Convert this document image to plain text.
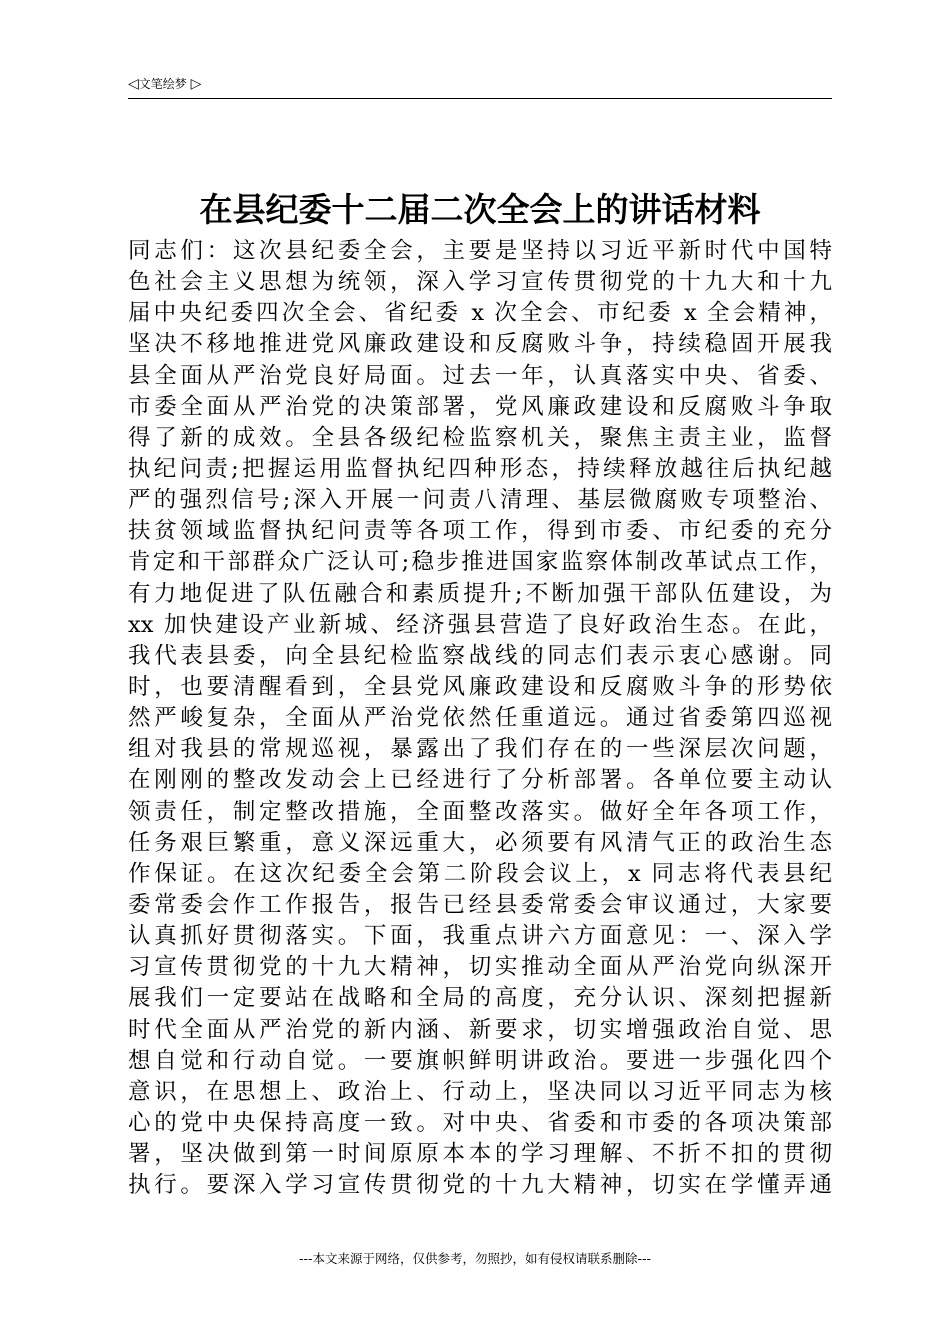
◁文笔绘梦 ▷
在县纪委十二届二次全会上的讲话材料
同志们：这次县纪委全会，主要是坚持以习近平新时代中国特
色社会主义思想为统领，深入学习宣传贯彻党的十九大和十九
届中央纪委四次全会、省纪委 x 次全会、市纪委 x 全会精神，
坚决不移地推进党风廉政建设和反腐败斗争，持续稳固开展我
县全面从严治党良好局面。过去一年，认真落实中央、省委、
市委全面从严治党的决策部署，党风廉政建设和反腐败斗争取
得了新的成效。全县各级纪检监察机关，聚焦主责主业，监督
执纪问责;把握运用监督执纪四种形态，持续释放越往后执纪越
严的强烈信号;深入开展一问责八清理、基层微腐败专项整治、
扶贫领域监督执纪问责等各项工作，得到市委、市纪委的充分
肯定和干部群众广泛认可;稳步推进国家监察体制改革试点工作，
有力地促进了队伍融合和素质提升;不断加强干部队伍建设，为
xx 加快建设产业新城、经济强县营造了良好政治生态。在此，
我代表县委，向全县纪检监察战线的同志们表示衷心感谢。同
时，也要清醒看到，全县党风廉政建设和反腐败斗争的形势依
然严峻复杂，全面从严治党依然任重道远。通过省委第四巡视
组对我县的常规巡视，暴露出了我们存在的一些深层次问题，
在刚刚的整改发动会上已经进行了分析部署。各单位要主动认
领责任，制定整改措施，全面整改落实。做好全年各项工作，
任务艰巨繁重，意义深远重大，必须要有风清气正的政治生态
作保证。在这次纪委全会第二阶段会议上，x 同志将代表县纪
委常委会作工作报告，报告已经县委常委会审议通过，大家要
认真抓好贯彻落实。下面，我重点讲六方面意见：一、深入学
习宣传贯彻党的十九大精神，切实推动全面从严治党向纵深开
展我们一定要站在战略和全局的高度，充分认识、深刻把握新
时代全面从严治党的新内涵、新要求，切实增强政治自觉、思
想自觉和行动自觉。一要旗帜鲜明讲政治。要进一步强化四个
意识，在思想上、政治上、行动上，坚决同以习近平同志为核
心的党中央保持高度一致。对中央、省委和市委的各项决策部
署，坚决做到第一时间原原本本的学习理解、不折不扣的贯彻
执行。要深入学习宣传贯彻党的十九大精神，切实在学懂弄通
---本文来源于网络，仅供参考，勿照抄，如有侵权请联系删除---
